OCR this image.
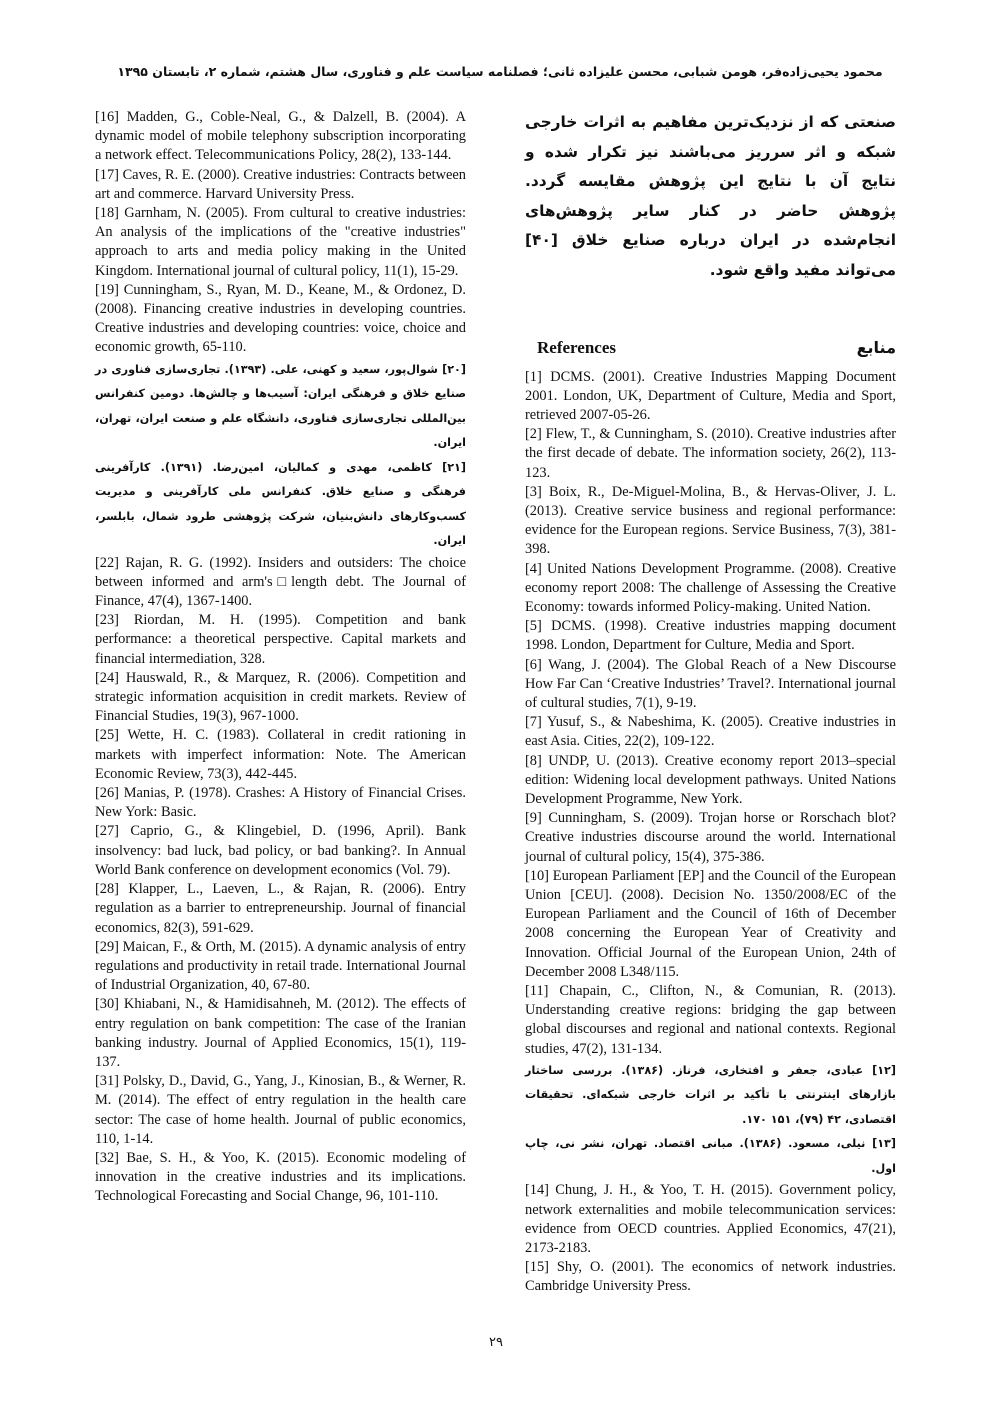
محمود یحیی‌زاده‌فر، هومن شبابی، محسن علیزاده ثانی؛ فصلنامه سیاست علم و فناوری، سال هشتم، شماره ۲، تابستان ۱۳۹۵

[16] Madden, G., Coble-Neal, G., & Dalzell, B. (2004). A dynamic model of mobile telephony subscription incorporating a network effect. Telecommunications Policy, 28(2), 133-144.

[17] Caves, R. E. (2000). Creative industries: Contracts between art and commerce. Harvard University Press.

[18] Garnham, N. (2005). From cultural to creative industries: An analysis of the implications of the "creative industries" approach to arts and media policy making in the United Kingdom. International journal of cultural policy, 11(1), 15-29.

[19] Cunningham, S., Ryan, M. D., Keane, M., & Ordonez, D. (2008). Financing creative industries in developing countries. Creative industries and developing countries: voice, choice and economic growth, 65-110.

[۲۰] شوال‌پور، سعید و کهنی، علی. (۱۳۹۳). تجاری‌سازی فناوری در صنایع خلاق و فرهنگی ایران: آسیب‌ها و چالش‌ها. دومین کنفرانس بین‌المللی تجاری‌سازی فناوری، دانشگاه علم و صنعت ایران، تهران، ایران.

[۲۱] کاظمی، مهدی و کمالیان، امین‌رضا. (۱۳۹۱). کارآفرینی فرهنگی و صنایع خلاق. کنفرانس ملی کارآفرینی و مدیریت کسب‌وکارهای دانش‌بنیان، شرکت پژوهشی طرود شمال، بابلسر، ایران.

[22] Rajan, R. G. (1992). Insiders and outsiders: The choice between informed and arm's□length debt. The Journal of Finance, 47(4), 1367-1400.

[23] Riordan, M. H. (1995). Competition and bank performance: a theoretical perspective. Capital markets and financial intermediation, 328.

[24] Hauswald, R., & Marquez, R. (2006). Competition and strategic information acquisition in credit markets. Review of Financial Studies, 19(3), 967-1000.

[25] Wette, H. C. (1983). Collateral in credit rationing in markets with imperfect information: Note. The American Economic Review, 73(3), 442-445.

[26] Manias, P. (1978). Crashes: A History of Financial Crises. New York: Basic.

[27] Caprio, G., & Klingebiel, D. (1996, April). Bank insolvency: bad luck, bad policy, or bad banking?. In Annual World Bank conference on development economics (Vol. 79).

[28] Klapper, L., Laeven, L., & Rajan, R. (2006). Entry regulation as a barrier to entrepreneurship. Journal of financial economics, 82(3), 591-629.

[29] Maican, F., & Orth, M. (2015). A dynamic analysis of entry regulations and productivity in retail trade. International Journal of Industrial Organization, 40, 67-80.

[30] Khiabani, N., & Hamidisahneh, M. (2012). The effects of entry regulation on bank competition: The case of the Iranian banking industry. Journal of Applied Economics, 15(1), 119-137.

[31] Polsky, D., David, G., Yang, J., Kinosian, B., & Werner, R. M. (2014). The effect of entry regulation in the health care sector: The case of home health. Journal of public economics, 110, 1-14.

[32] Bae, S. H., & Yoo, K. (2015). Economic modeling of innovation in the creative industries and its implications. Technological Forecasting and Social Change, 96, 101-110.

صنعتی که از نزدیک‌ترین مفاهیم به اثرات خارجی شبکه و اثر سرریز می‌باشند نیز تکرار شده و نتایج آن با نتایج این پژوهش مقایسه گردد. پژوهش حاضر در کنار سایر پژوهش‌های انجام‌شده در ایران درباره صنایع خلاق [۴۰] می‌تواند مفید واقع شود.

References	منابع

[1] DCMS. (2001). Creative Industries Mapping Document 2001. London, UK, Department of Culture, Media and Sport, retrieved 2007-05-26.

[2] Flew, T., & Cunningham, S. (2010). Creative industries after the first decade of debate. The information society, 26(2), 113-123.

[3] Boix, R., De-Miguel-Molina, B., & Hervas-Oliver, J. L. (2013). Creative service business and regional performance: evidence for the European regions. Service Business, 7(3), 381-398.

[4] United Nations Development Programme. (2008). Creative economy report 2008: The challenge of Assessing the Creative Economy: towards informed Policy-making. United Nation.

[5] DCMS. (1998). Creative industries mapping document 1998. London, Department for Culture, Media and Sport.

[6] Wang, J. (2004). The Global Reach of a New Discourse How Far Can ‘Creative Industries’ Travel?. International journal of cultural studies, 7(1), 9-19.

[7] Yusuf, S., & Nabeshima, K. (2005). Creative industries in east Asia. Cities, 22(2), 109-122.

[8] UNDP, U. (2013). Creative economy report 2013–special edition: Widening local development pathways. United Nations Development Programme, New York.

[9] Cunningham, S. (2009). Trojan horse or Rorschach blot? Creative industries discourse around the world. International journal of cultural policy, 15(4), 375-386.

[10] European Parliament [EP] and the Council of the European Union [CEU]. (2008). Decision No. 1350/2008/EC of the European Parliament and the Council of 16th of December 2008 concerning the European Year of Creativity and Innovation. Official Journal of the European Union, 24th of December 2008 L348/115.

[11] Chapain, C., Clifton, N., & Comunian, R. (2013). Understanding creative regions: bridging the gap between global discourses and regional and national contexts. Regional studies, 47(2), 131-134.

[۱۲] عبادی، جعفر و افتخاری، فرناز. (۱۳۸۶). بررسی ساختار بازارهای اینترنتی با تأکید بر اثرات خارجی شبکه‌ای. تحقیقات اقتصادی، ۴۲ (۷۹)، ۱۵۱ ۱۷۰.

[۱۳] نیلی، مسعود. (۱۳۸۶). مبانی اقتصاد. تهران، نشر نی، چاپ اول.

[14] Chung, J. H., & Yoo, T. H. (2015). Government policy, network externalities and mobile telecommunication services: evidence from OECD countries. Applied Economics, 47(21), 2173-2183.

[15] Shy, O. (2001). The economics of network industries. Cambridge University Press.

۲۹
